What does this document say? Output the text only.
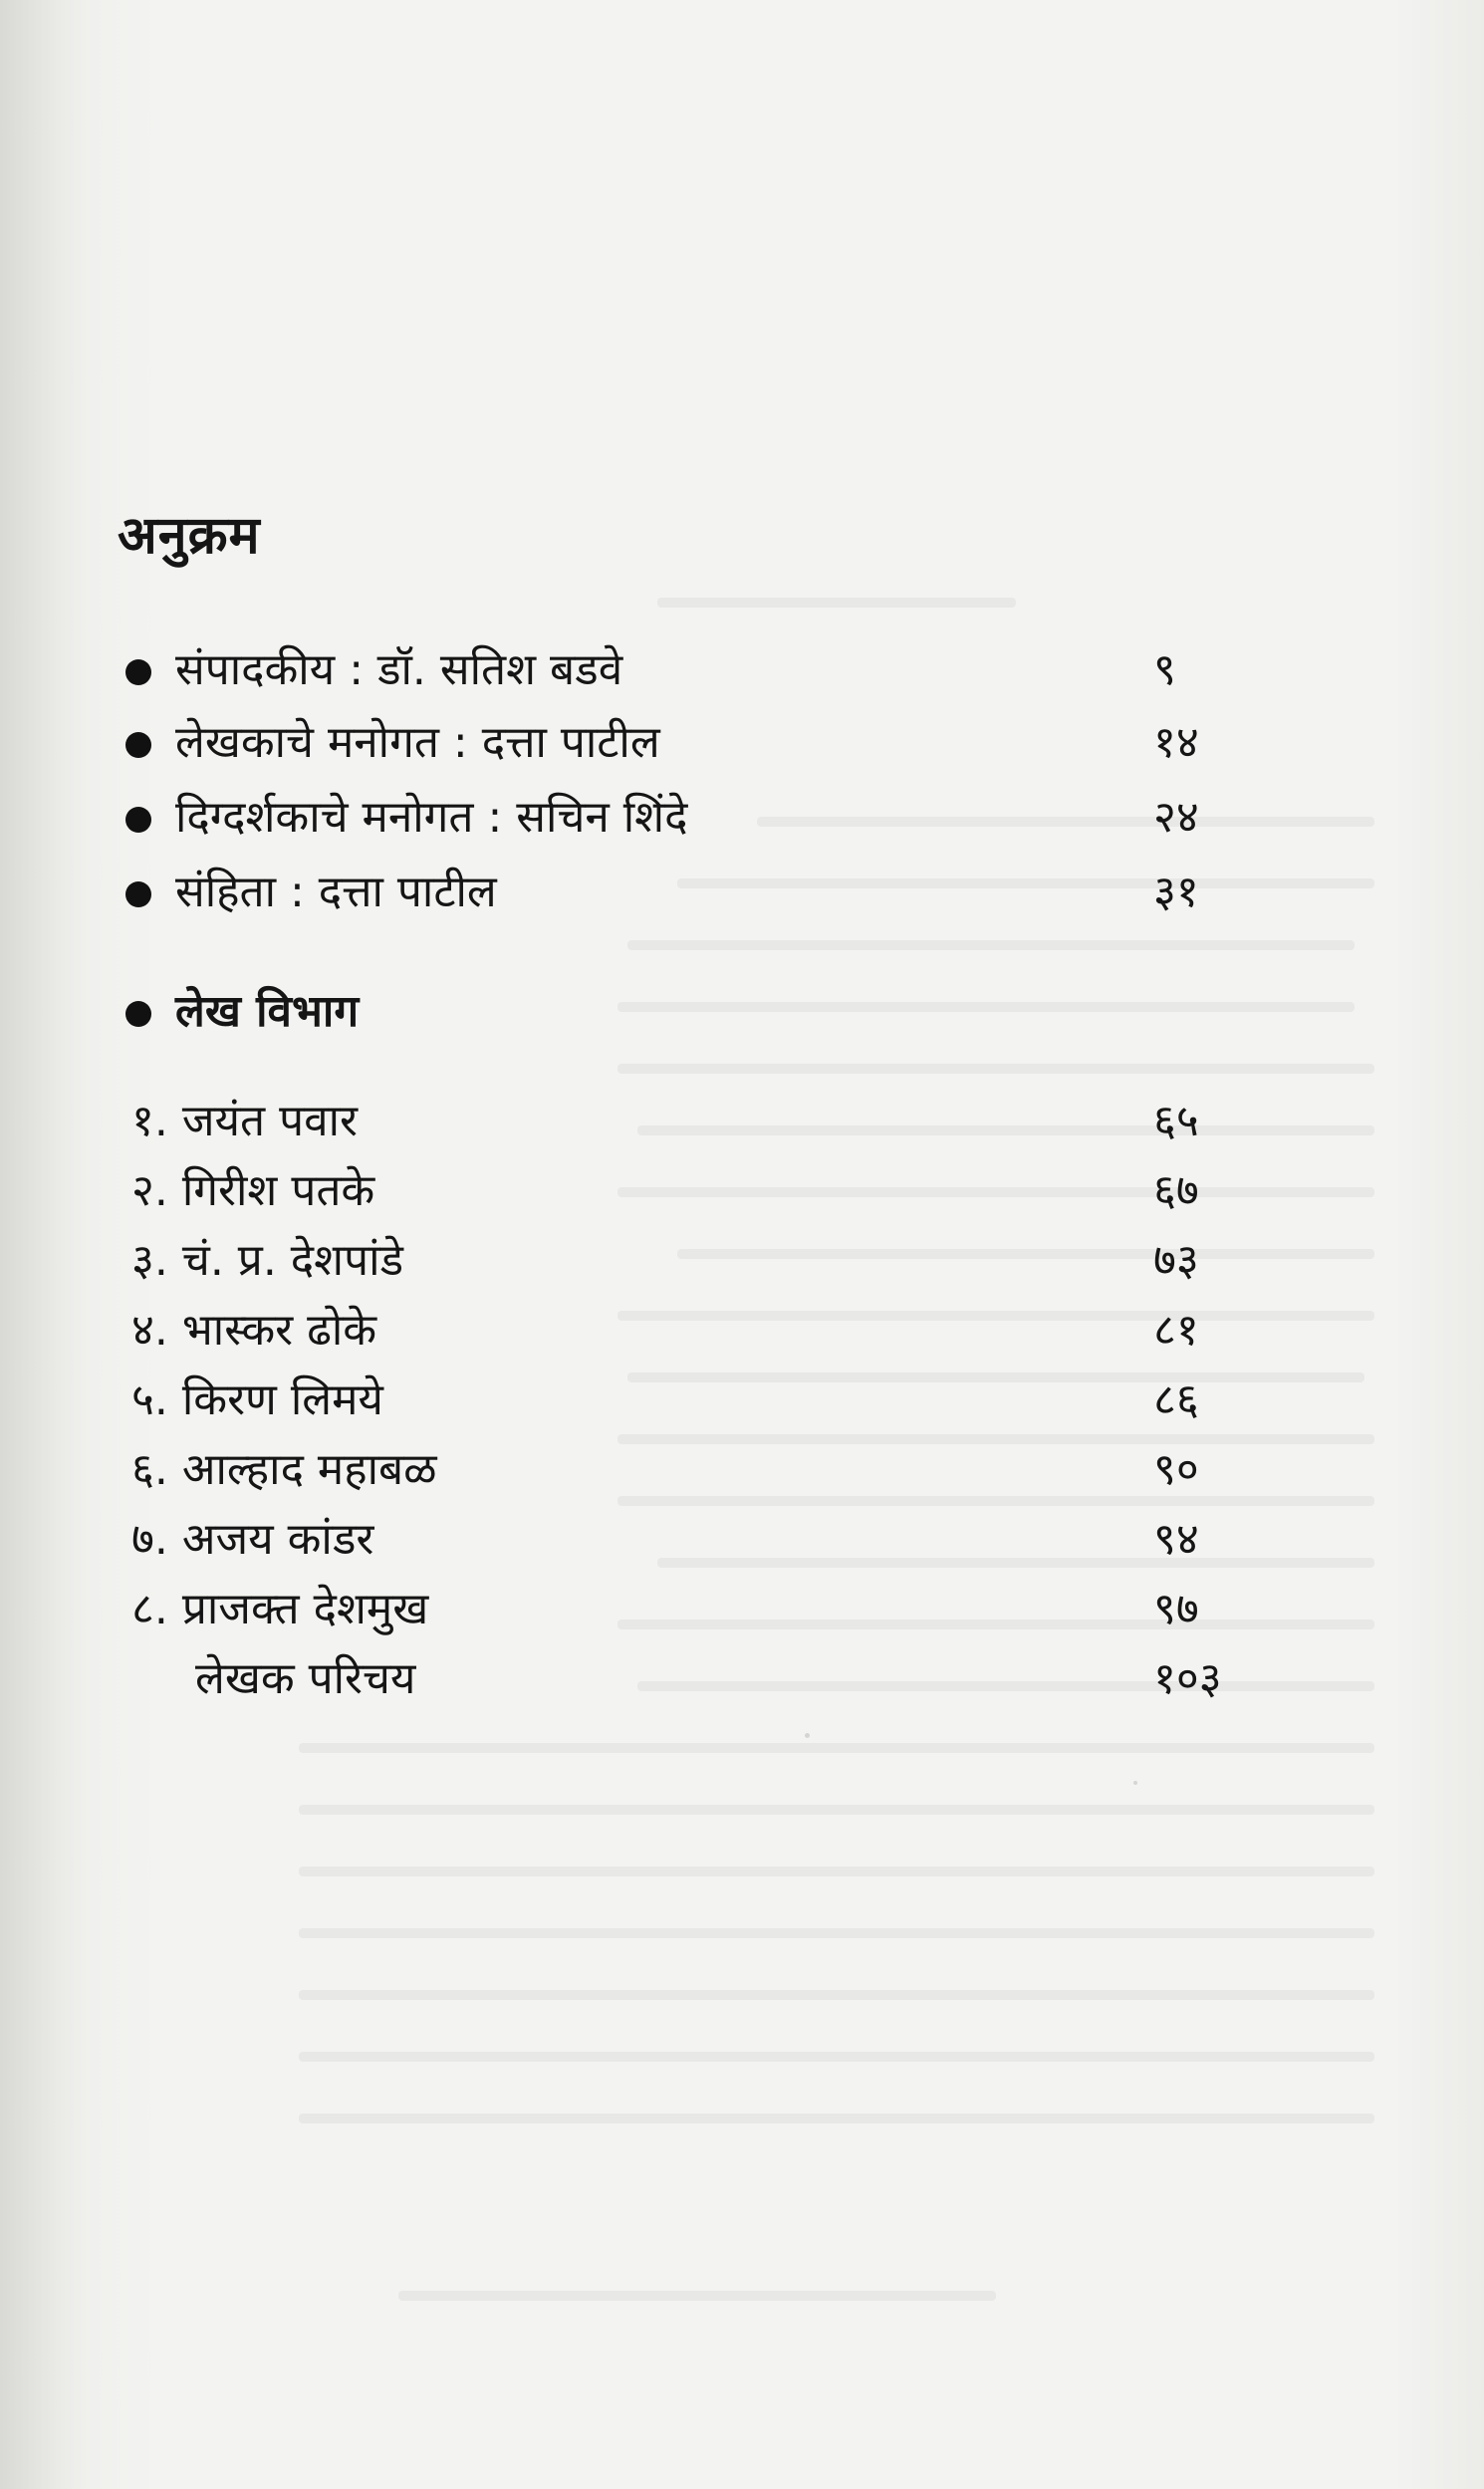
अनुक्रम
संपादकीय : डॉ. सतिश बडवे	९
लेखकाचे मनोगत : दत्ता पाटील	१४
दिग्दर्शकाचे मनोगत : सचिन शिंदे	२४
संहिता : दत्ता पाटील	३१
लेख विभाग
१. जयंत पवार	६५
२. गिरीश पतके	६७
३. चं. प्र. देशपांडे	७३
४. भास्कर ढोके	८१
५. किरण लिमये	८६
६. आल्हाद महाबळ	९०
७. अजय कांडर	९४
८. प्राजक्त देशमुख	९७
लेखक परिचय	१०३
